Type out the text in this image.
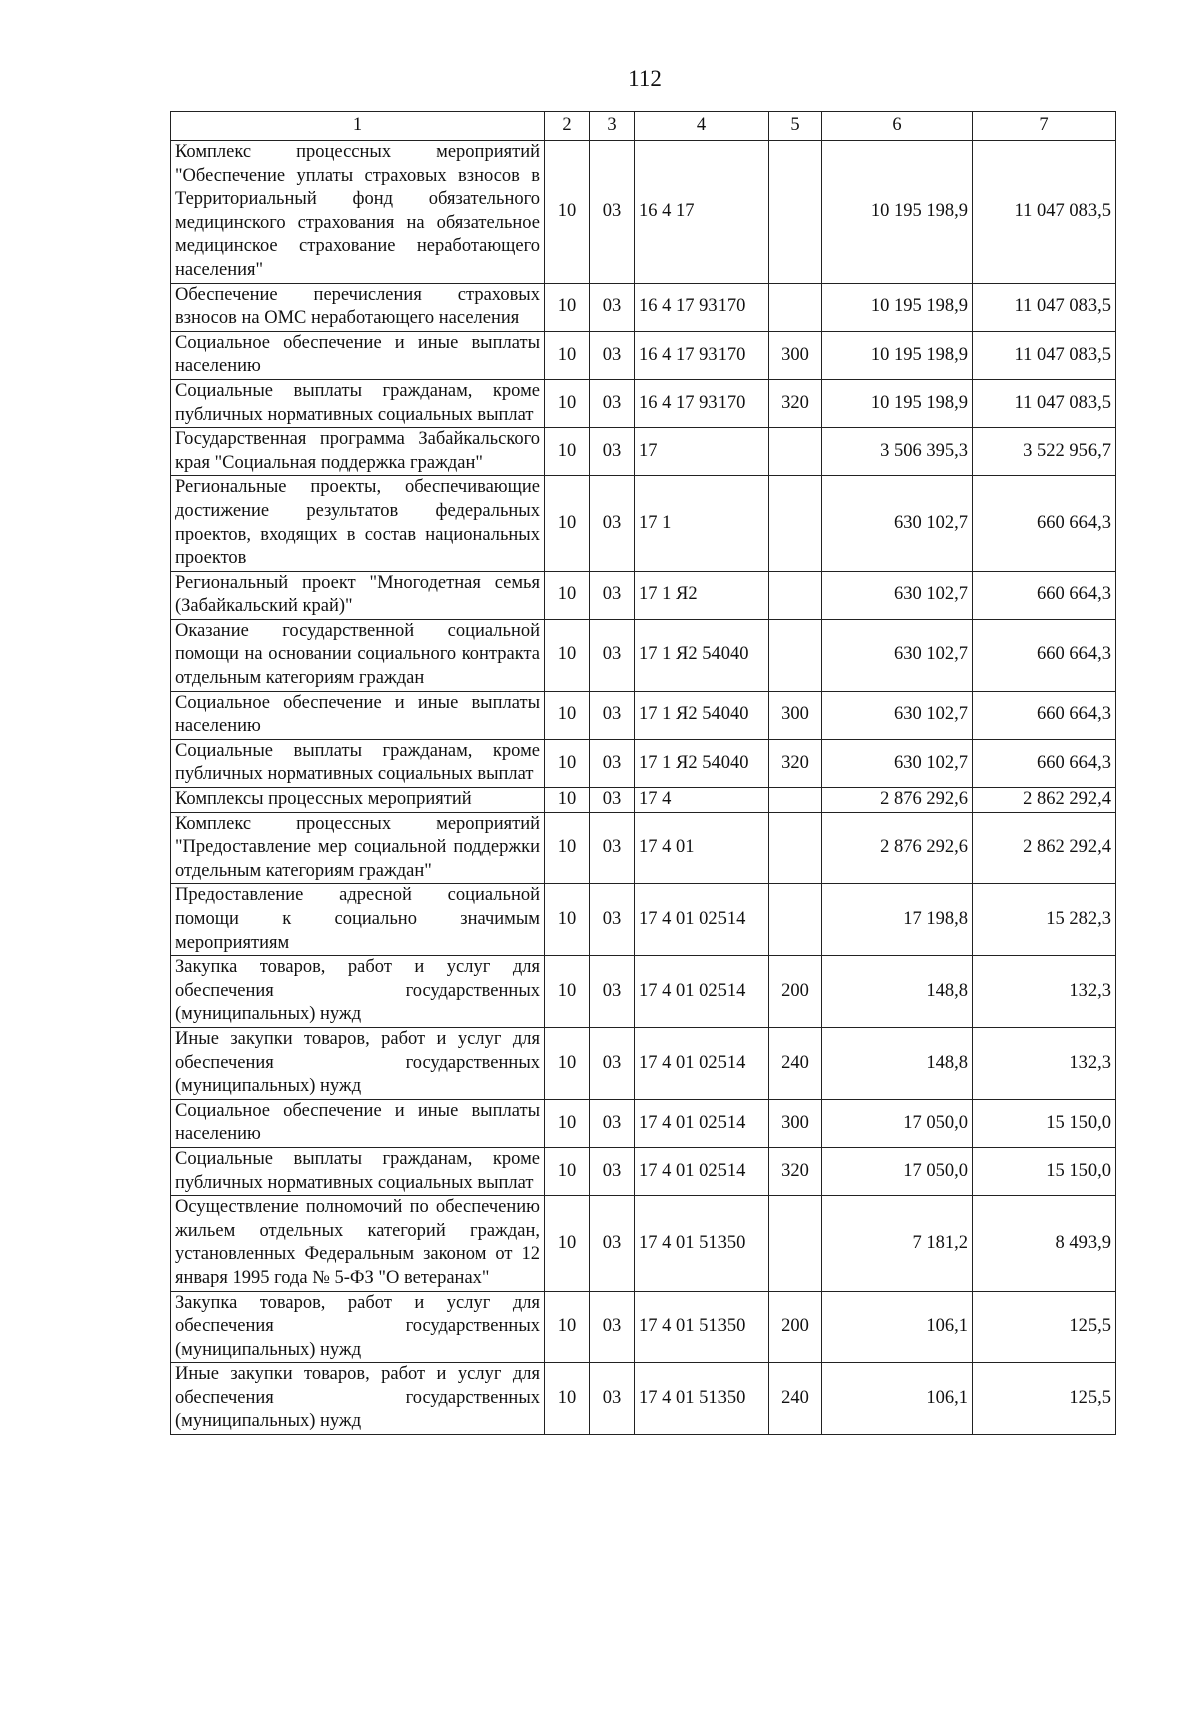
112
1	2	3	4	5	6	7
Комплекс процессных мероприятий "Обеспечение уплаты страховых взносов в Территориальный фонд обязательного медицинского страхования на обязательное медицинское страхование неработающего населения"	10	03	16 4 17		10 195 198,9	11 047 083,5
Обеспечение перечисления страховых взносов на ОМС неработающего населения	10	03	16 4 17 93170		10 195 198,9	11 047 083,5
Социальное обеспечение и иные выплаты населению	10	03	16 4 17 93170	300	10 195 198,9	11 047 083,5
Социальные выплаты гражданам, кроме публичных нормативных социальных выплат	10	03	16 4 17 93170	320	10 195 198,9	11 047 083,5
Государственная программа Забайкальского края "Социальная поддержка граждан"	10	03	17		3 506 395,3	3 522 956,7
Региональные проекты, обеспечивающие достижение результатов федеральных проектов, входящих в состав национальных проектов	10	03	17 1		630 102,7	660 664,3
Региональный проект "Многодетная семья (Забайкальский край)"	10	03	17 1 Я2		630 102,7	660 664,3
Оказание государственной социальной помощи на основании социального контракта отдельным категориям граждан	10	03	17 1 Я2 54040		630 102,7	660 664,3
Социальное обеспечение и иные выплаты населению	10	03	17 1 Я2 54040	300	630 102,7	660 664,3
Социальные выплаты гражданам, кроме публичных нормативных социальных выплат	10	03	17 1 Я2 54040	320	630 102,7	660 664,3
Комплексы процессных мероприятий	10	03	17 4		2 876 292,6	2 862 292,4
Комплекс процессных мероприятий "Предоставление мер социальной поддержки отдельным категориям граждан"	10	03	17 4 01		2 876 292,6	2 862 292,4
Предоставление адресной социальной помощи к социально значимым мероприятиям	10	03	17 4 01 02514		17 198,8	15 282,3
Закупка товаров, работ и услуг для обеспечения государственных (муниципальных) нужд	10	03	17 4 01 02514	200	148,8	132,3
Иные закупки товаров, работ и услуг для обеспечения государственных (муниципальных) нужд	10	03	17 4 01 02514	240	148,8	132,3
Социальное обеспечение и иные выплаты населению	10	03	17 4 01 02514	300	17 050,0	15 150,0
Социальные выплаты гражданам, кроме публичных нормативных социальных выплат	10	03	17 4 01 02514	320	17 050,0	15 150,0
Осуществление полномочий по обеспечению жильем отдельных категорий граждан, установленных Федеральным законом от 12 января 1995 года № 5-ФЗ "О ветеранах"	10	03	17 4 01 51350		7 181,2	8 493,9
Закупка товаров, работ и услуг для обеспечения государственных (муниципальных) нужд	10	03	17 4 01 51350	200	106,1	125,5
Иные закупки товаров, работ и услуг для обеспечения государственных (муниципальных) нужд	10	03	17 4 01 51350	240	106,1	125,5
